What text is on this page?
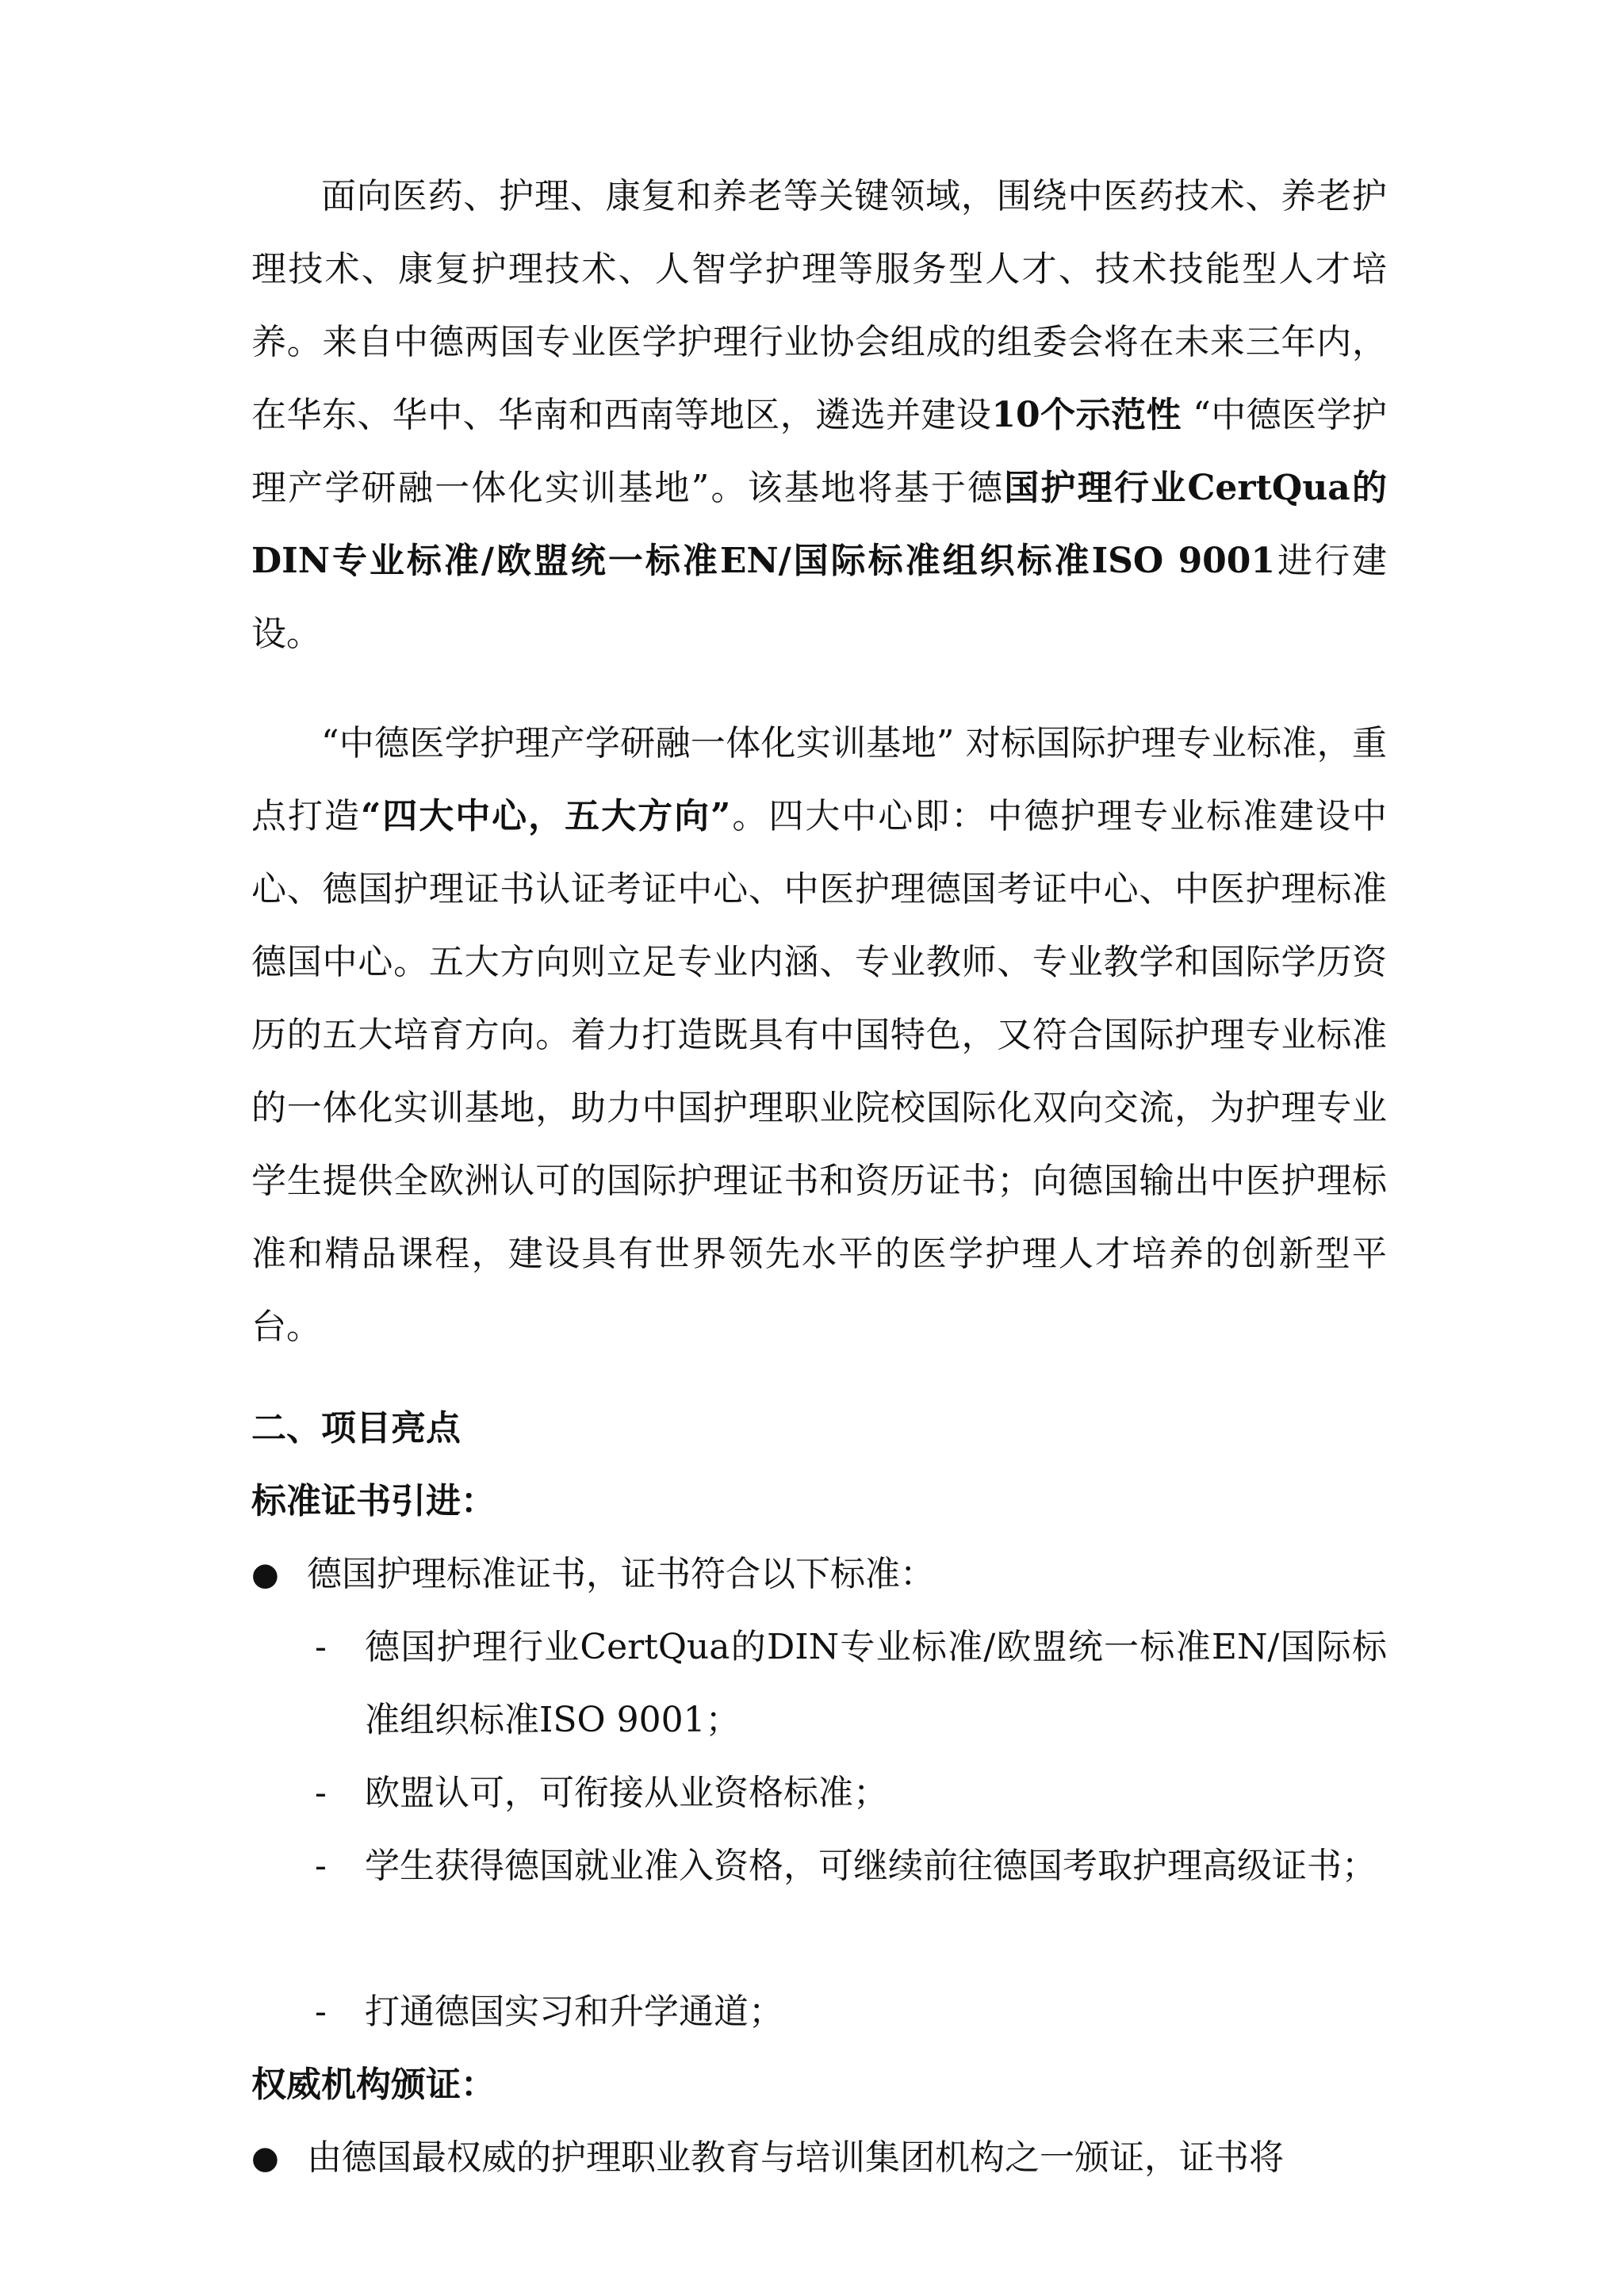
面向医药、护理、康复和养老等关键领域，围绕中医药技术、养老护理技术、康复护理技术、人智学护理等服务型人才、技术技能型人才培养。来自中德两国专业医学护理行业协会组成的组委会将在未来三年内，在华东、华中、华南和西南等地区，遴选并建设10个示范性 “中德医学护理产学研融一体化实训基地”。该基地将基于德国护理行业CertQua的DIN专业标准/欧盟统一标准EN/国际标准组织标准ISO 9001进行建设。

“中德医学护理产学研融一体化实训基地” 对标国际护理专业标准，重点打造“四大中心，五大方向”。四大中心即：中德护理专业标准建设中心、德国护理证书认证考证中心、中医护理德国考证中心、中医护理标准德国中心。五大方向则立足专业内涵、专业教师、专业教学和国际学历资历的五大培育方向。着力打造既具有中国特色，又符合国际护理专业标准的一体化实训基地，助力中国护理职业院校国际化双向交流，为护理专业学生提供全欧洲认可的国际护理证书和资历证书；向德国输出中医护理标准和精品课程，建设具有世界领先水平的医学护理人才培养的创新型平台。

二、项目亮点
标准证书引进：
● 德国护理标准证书，证书符合以下标准：
-	德国护理行业CertQua的DIN专业标准/欧盟统一标准EN/国际标准组织标准ISO 9001；
-	欧盟认可，可衔接从业资格标准；
-	学生获得德国就业准入资格，可继续前往德国考取护理高级证书；
-	打通德国实习和升学通道；
权威机构颁证：
● 由德国最权威的护理职业教育与培训集团机构之一颁证，证书将
